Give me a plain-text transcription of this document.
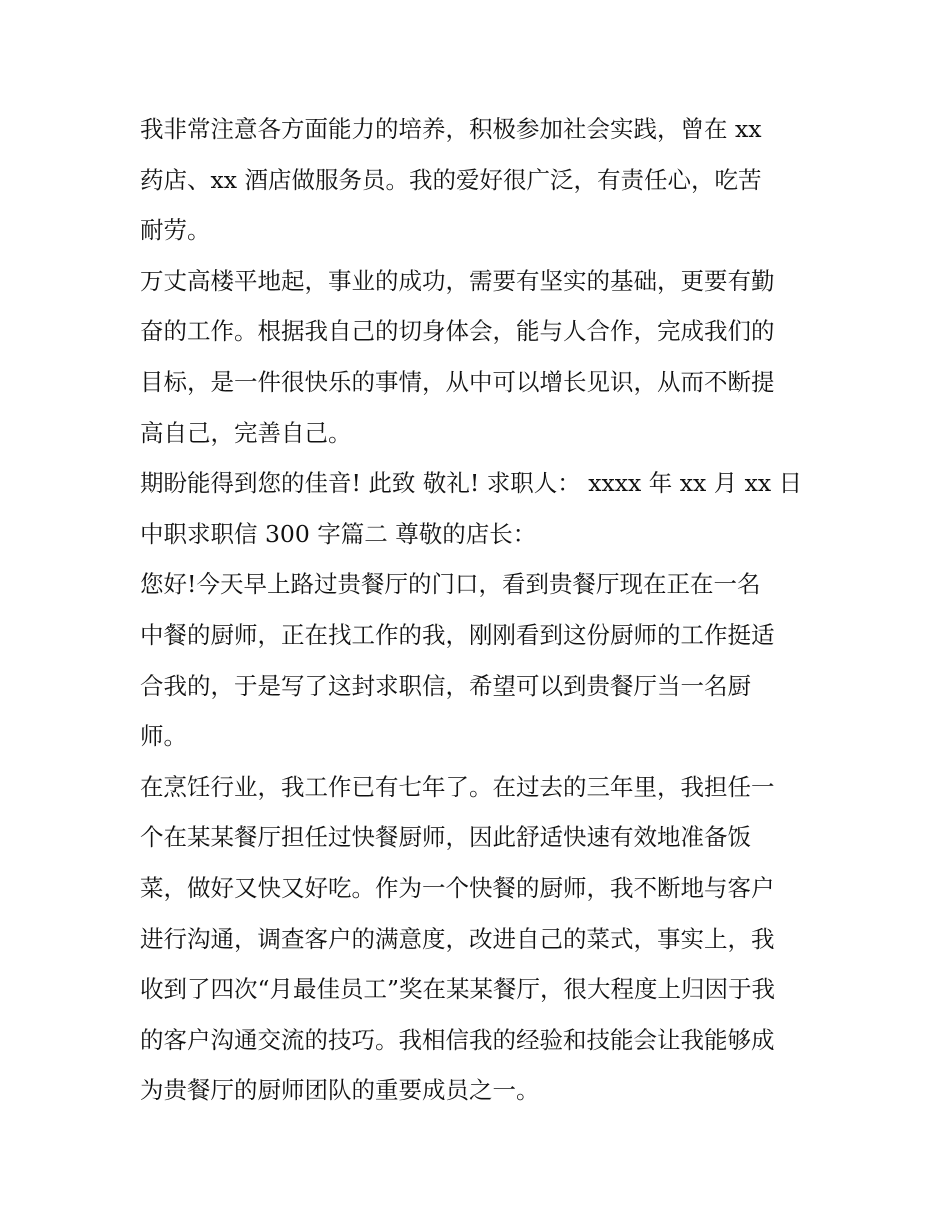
我非常注意各方面能力的培养，积极参加社会实践，曾在 xx
药店、xx 酒店做服务员。我的爱好很广泛，有责任心，吃苦
耐劳。
万丈高楼平地起，事业的成功，需要有坚实的基础，更要有勤
奋的工作。根据我自己的切身体会，能与人合作，完成我们的
目标，是一件很快乐的事情，从中可以增长见识，从而不断提
高自己，完善自己。
期盼能得到您的佳音! 此致 敬礼! 求职人： xxxx 年 xx 月 xx 日
中职求职信 300 字篇二 尊敬的店长：
您好!今天早上路过贵餐厅的门口，看到贵餐厅现在正在一名
中餐的厨师，正在找工作的我，刚刚看到这份厨师的工作挺适
合我的，于是写了这封求职信，希望可以到贵餐厅当一名厨
师。
在烹饪行业，我工作已有七年了。在过去的三年里，我担任一
个在某某餐厅担任过快餐厨师，因此舒适快速有效地准备饭
菜，做好又快又好吃。作为一个快餐的厨师，我不断地与客户
进行沟通，调查客户的满意度，改进自己的菜式，事实上，我
收到了四次“月最佳员工”奖在某某餐厅，很大程度上归因于我
的客户沟通交流的技巧。我相信我的经验和技能会让我能够成
为贵餐厅的厨师团队的重要成员之一。
